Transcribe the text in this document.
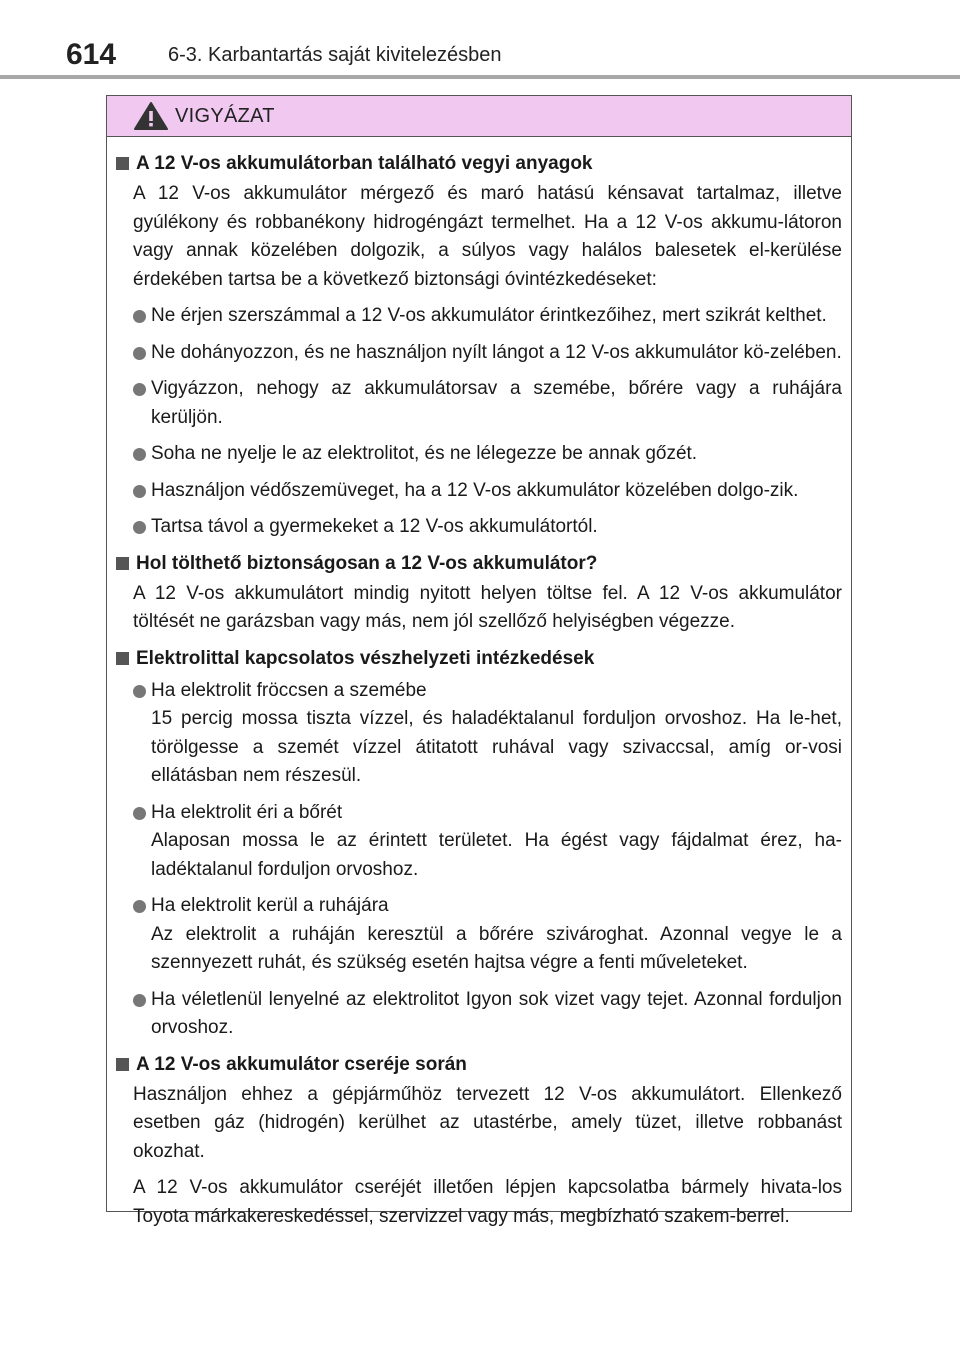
614	6-3. Karbantartás saját kivitelezésben
VIGYÁZAT
A 12 V-os akkumulátorban található vegyi anyagok
A 12 V-os akkumulátor mérgező és maró hatású kénsavat tartalmaz, illetve gyúlékony és robbanékony hidrogéngázt termelhet. Ha a 12 V-os akkumu-látoron vagy annak közelében dolgozik, a súlyos vagy halálos balesetek el-kerülése érdekében tartsa be a következő biztonsági óvintézkedéseket:
Ne érjen szerszámmal a 12 V-os akkumulátor érintkezőihez, mert szikrát kelthet.
Ne dohányozzon, és ne használjon nyílt lángot a 12 V-os akkumulátor kö-zelében.
Vigyázzon, nehogy az akkumulátorsav a szemébe, bőrére vagy a ruhájára kerüljön.
Soha ne nyelje le az elektrolitot, és ne lélegezze be annak gőzét.
Használjon védőszemüveget, ha a 12 V-os akkumulátor közelében dolgo-zik.
Tartsa távol a gyermekeket a 12 V-os akkumulátortól.
Hol tölthető biztonságosan a 12 V-os akkumulátor?
A 12 V-os akkumulátort mindig nyitott helyen töltse fel. A 12 V-os akkumulátor töltését ne garázsban vagy más, nem jól szellőző helyiségben végezze.
Elektrolittal kapcsolatos vészhelyzeti intézkedések
Ha elektrolit fröccsen a szemébe
15 percig mossa tiszta vízzel, és haladéktalanul forduljon orvoshoz. Ha le-het, törölgesse a szemét vízzel átitatott ruhával vagy szivaccsal, amíg or-vosi ellátásban nem részesül.
Ha elektrolit éri a bőrét
Alaposan mossa le az érintett területet. Ha égést vagy fájdalmat érez, ha-ladéktalanul forduljon orvoshoz.
Ha elektrolit kerül a ruhájára
Az elektrolit a ruháján keresztül a bőrére szivároghat. Azonnal vegye le a szennyezett ruhát, és szükség esetén hajtsa végre a fenti műveleteket.
Ha véletlenül lenyelné az elektrolitot Igyon sok vizet vagy tejet. Azonnal forduljon orvoshoz.
A 12 V-os akkumulátor cseréje során
Használjon ehhez a gépjárműhöz tervezett 12 V-os akkumulátort. Ellenkező esetben gáz (hidrogén) kerülhet az utastérbe, amely tüzet, illetve robbanást okozhat.
A 12 V-os akkumulátor cseréjét illetően lépjen kapcsolatba bármely hivata-los Toyota márkakereskedéssel, szervizzel vagy más, megbízható szakem-berrel.
